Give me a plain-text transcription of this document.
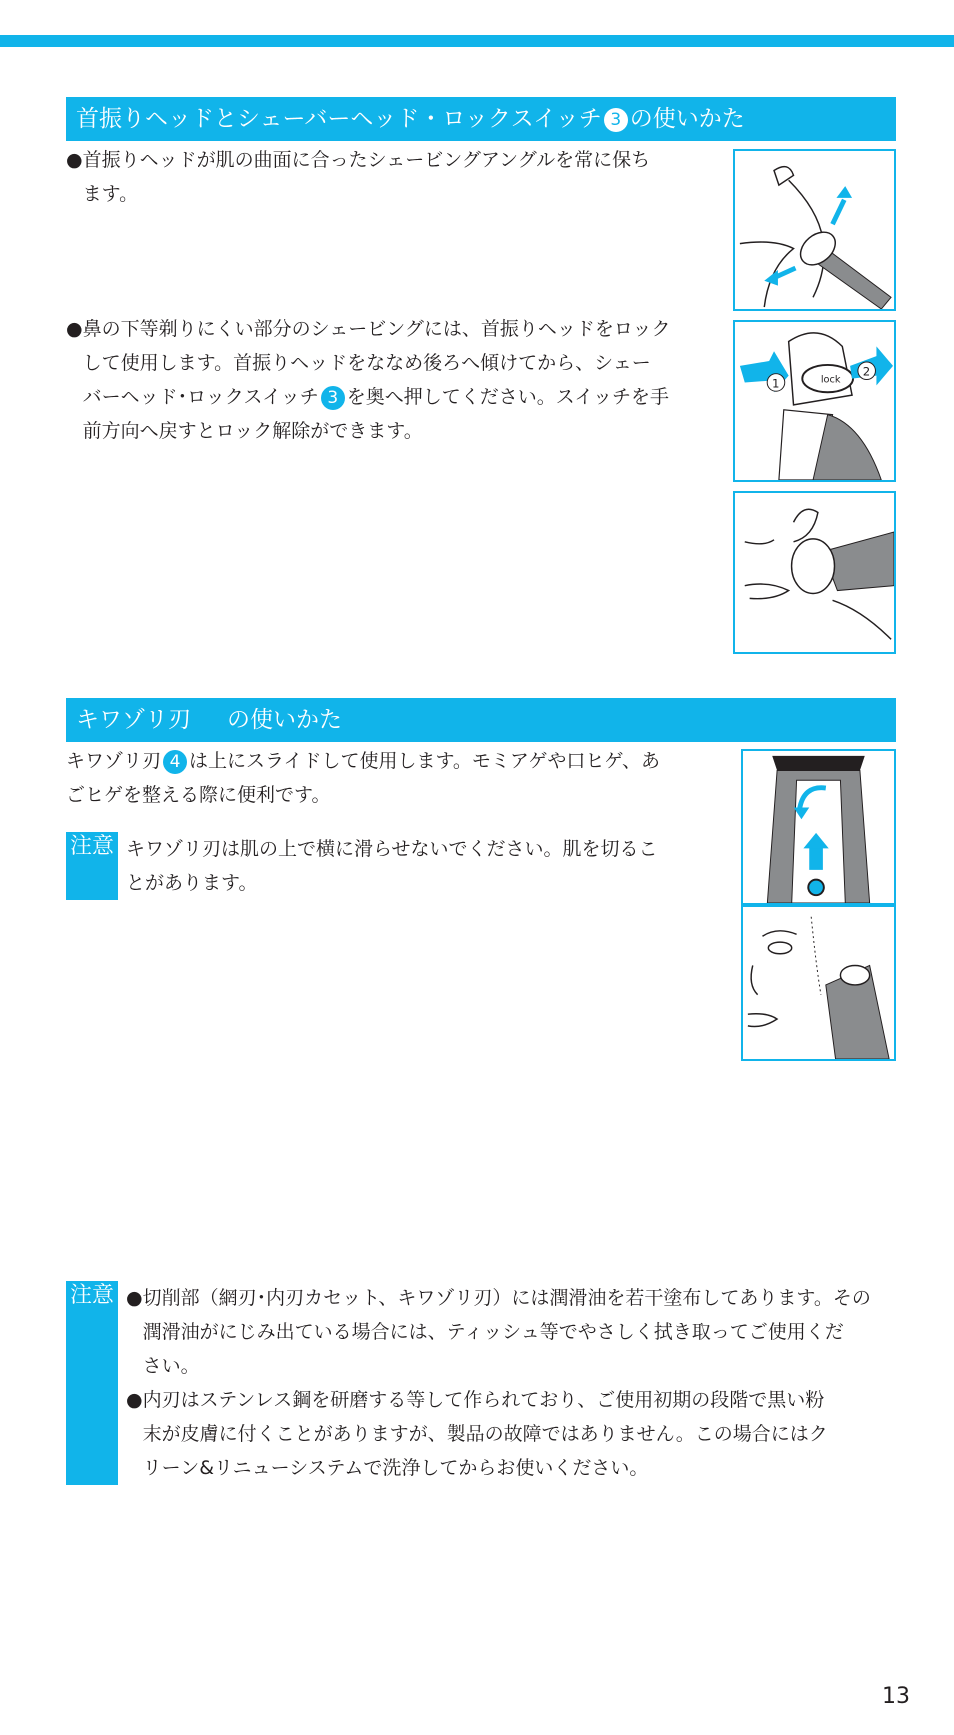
首振りヘッドとシェーバーヘッド・ロックスイッチ 3 の使いかた
● 首振りヘッドが肌の曲面に合ったシェービングアングルを常に保ち
ます。
● 鼻の下等剃りにくい部分のシェービングには、首振りヘッドをロック
して使用します。首振りヘッドをななめ後ろへ傾けてから、シェー
バーヘッド･ロックスイッチ 3 を奥へ押してください。スイッチを手
前方向へ戻すとロック解除ができます。
lock
1
2
キワゾリ刃 の使いかた
キワゾリ刃 4 は上にスライドして使用します。モミアゲや口ヒゲ、あ
ごヒゲを整える際に便利です。
注意 キワゾリ刃は肌の上で横に滑らせないでください。肌を切るこ
とがあります。
注意 ● 切削部（網刃･内刃カセット、キワゾリ刃）には潤滑油を若干塗布してあります。その
潤滑油がにじみ出ている場合には、ティッシュ等でやさしく拭き取ってご使用くだ
さい。
● 内刃はステンレス鋼を研磨する等して作られており、ご使用初期の段階で黒い粉
末が皮膚に付くことがありますが、製品の故障ではありません。この場合にはク
リーン&リニューシステムで洗浄してからお使いください。
13
